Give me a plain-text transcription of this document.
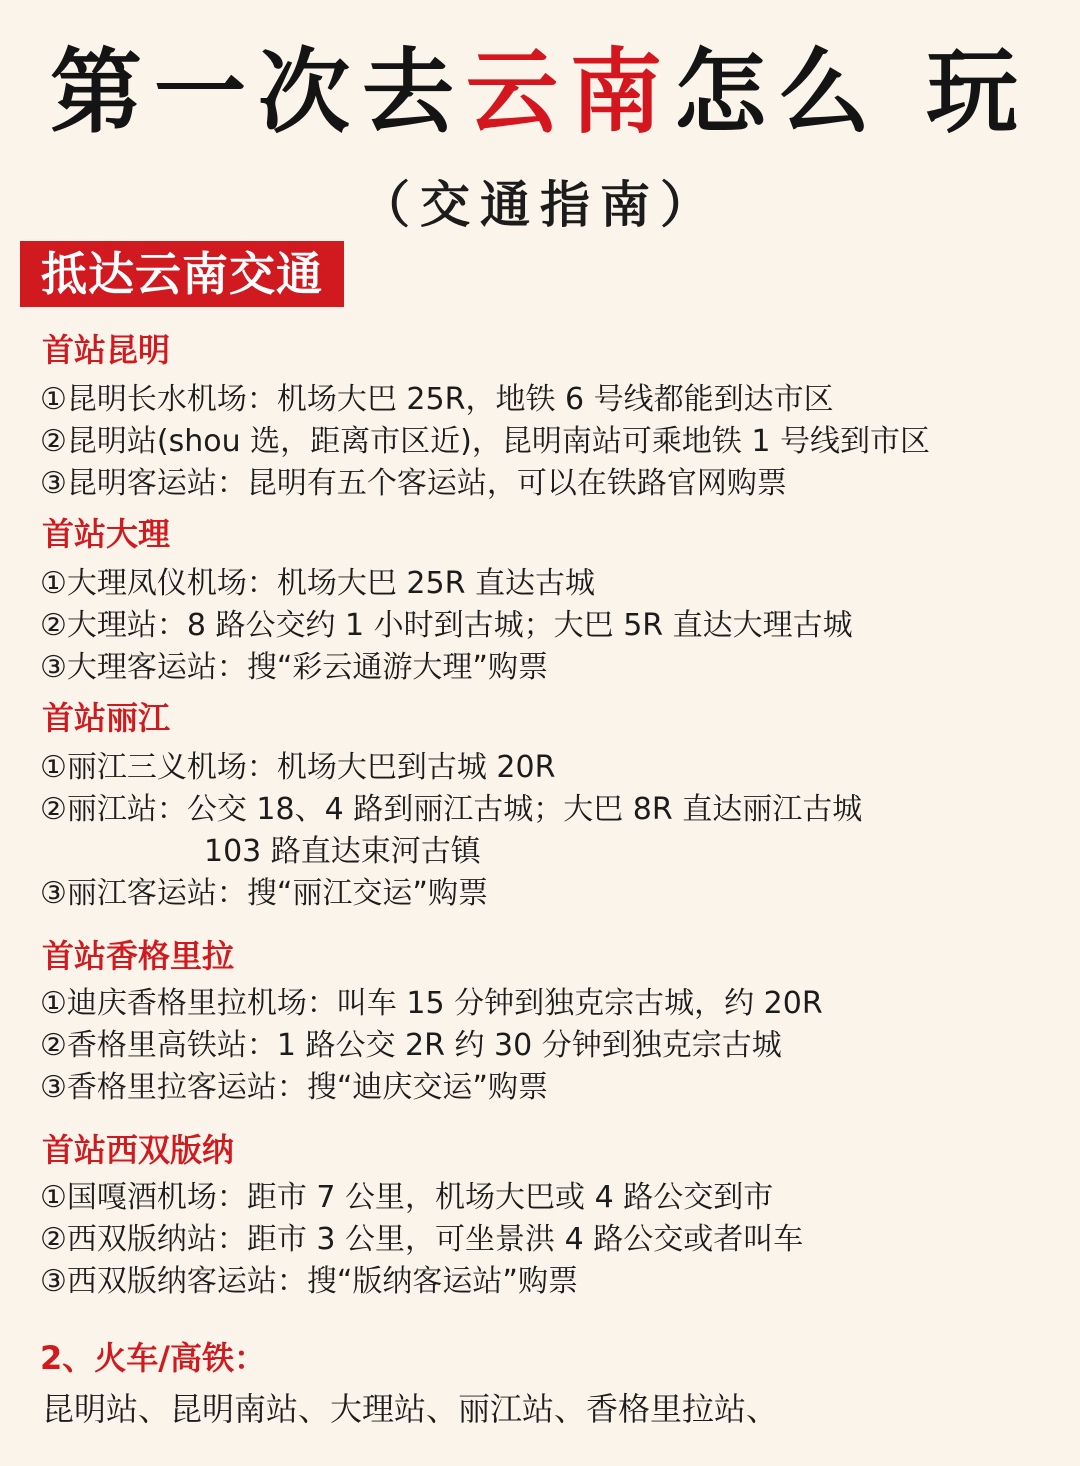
第一次去云南怎么 玩
（交通指南）
抵达云南交通
首站昆明
①昆明长水机场：机场大巴 25R，地铁 6 号线都能到达市区
②昆明站(shou 选，距离市区近)，昆明南站可乘地铁 1 号线到市区
③昆明客运站：昆明有五个客运站，可以在铁路官网购票
首站大理
①大理凤仪机场：机场大巴 25R 直达古城
②大理站：8 路公交约 1 小时到古城；大巴 5R 直达大理古城
③大理客运站：搜“彩云通游大理”购票
首站丽江
①丽江三义机场：机场大巴到古城 20R
②丽江站：公交 18、4 路到丽江古城；大巴 8R 直达丽江古城
103 路直达束河古镇
③丽江客运站：搜“丽江交运”购票
首站香格里拉
①迪庆香格里拉机场：叫车 15 分钟到独克宗古城，约 20R
②香格里高铁站：1 路公交 2R 约 30 分钟到独克宗古城
③香格里拉客运站：搜“迪庆交运”购票
首站西双版纳
①国嘎酒机场：距市 7 公里，机场大巴或 4 路公交到市
②西双版纳站：距市 3 公里，可坐景洪 4 路公交或者叫车
③西双版纳客运站：搜“版纳客运站”购票
2、火车/高铁：
昆明站、昆明南站、大理站、丽江站、香格里拉站、
